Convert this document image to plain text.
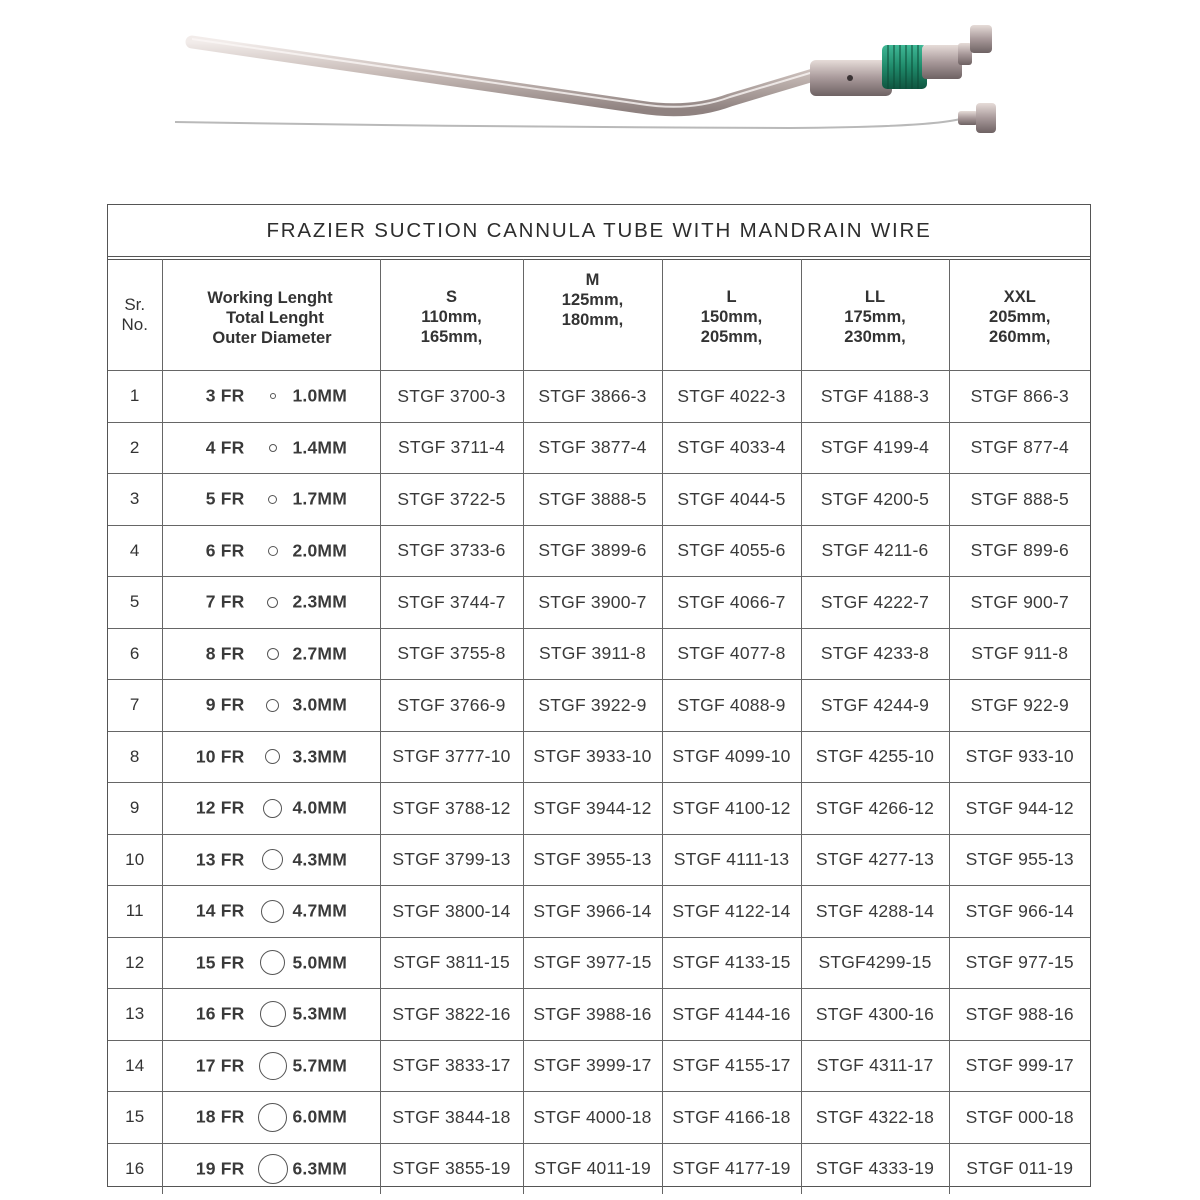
FRAZIER SUCTION CANNULA TUBE WITH MANDRAIN WIRE
Sr.
No.	Working Lenght
Total Lenght
Outer Diameter	S
110mm,
165mm,	M
125mm,
180mm,	L
150mm,
205mm,	LL
175mm,
230mm,	XXL
205mm,
260mm,

1	3 FR 1.0MM	STGF 3700-3	STGF 3866-3	STGF 4022-3	STGF 4188-3	STGF 866-3
2	4 FR 1.4MM	STGF 3711-4	STGF 3877-4	STGF 4033-4	STGF 4199-4	STGF 877-4
3	5 FR 1.7MM	STGF 3722-5	STGF 3888-5	STGF 4044-5	STGF 4200-5	STGF 888-5
4	6 FR 2.0MM	STGF 3733-6	STGF 3899-6	STGF 4055-6	STGF 4211-6	STGF 899-6
5	7 FR 2.3MM	STGF 3744-7	STGF 3900-7	STGF 4066-7	STGF 4222-7	STGF 900-7
6	8 FR 2.7MM	STGF 3755-8	STGF 3911-8	STGF 4077-8	STGF 4233-8	STGF 911-8
7	9 FR 3.0MM	STGF 3766-9	STGF 3922-9	STGF 4088-9	STGF 4244-9	STGF 922-9
8	10 FR 3.3MM	STGF 3777-10	STGF 3933-10	STGF 4099-10	STGF 4255-10	STGF 933-10
9	12 FR 4.0MM	STGF 3788-12	STGF 3944-12	STGF 4100-12	STGF 4266-12	STGF 944-12
10	13 FR 4.3MM	STGF 3799-13	STGF 3955-13	STGF 4111-13	STGF 4277-13	STGF 955-13
11	14 FR 4.7MM	STGF 3800-14	STGF 3966-14	STGF 4122-14	STGF 4288-14	STGF 966-14
12	15 FR 5.0MM	STGF 3811-15	STGF 3977-15	STGF 4133-15	STGF4299-15	STGF 977-15
13	16 FR 5.3MM	STGF 3822-16	STGF 3988-16	STGF 4144-16	STGF 4300-16	STGF 988-16
14	17 FR 5.7MM	STGF 3833-17	STGF 3999-17	STGF 4155-17	STGF 4311-17	STGF 999-17
15	18 FR 6.0MM	STGF 3844-18	STGF 4000-18	STGF 4166-18	STGF 4322-18	STGF 000-18
16	19 FR 6.3MM	STGF 3855-19	STGF 4011-19	STGF 4177-19	STGF 4333-19	STGF 011-19
